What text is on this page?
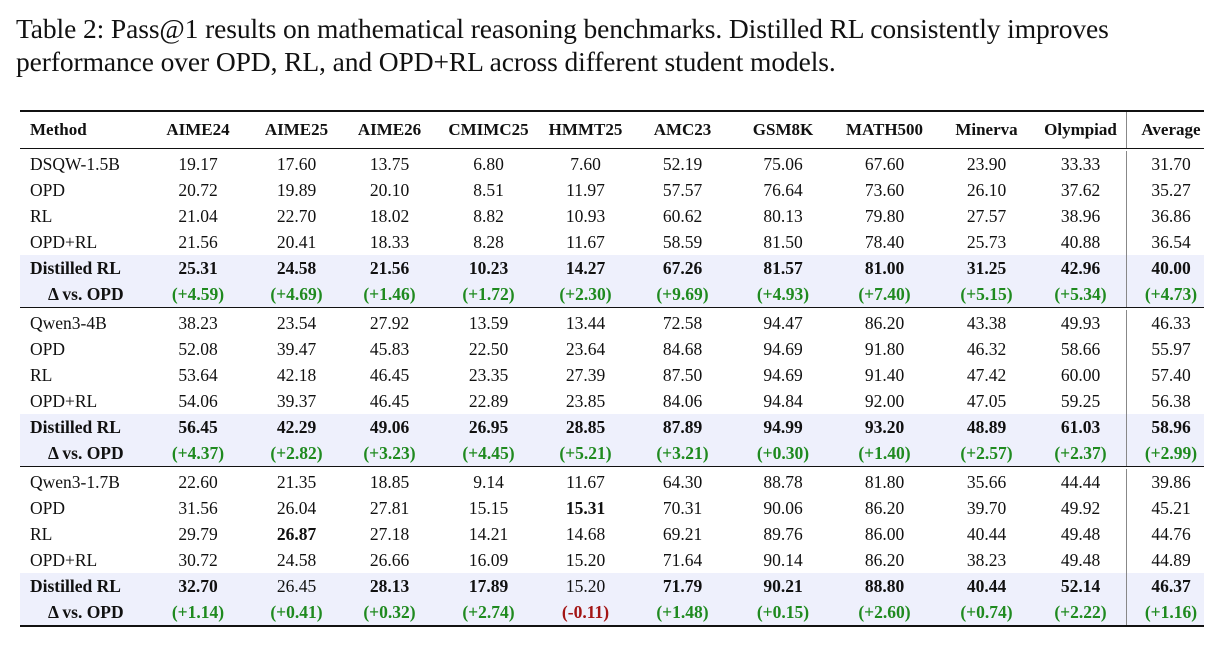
Table 2: Pass@1 results on mathematical reasoning benchmarks. Distilled RL consistently improves performance over OPD, RL, and OPD+RL across different student models.
Method	AIME24	AIME25	AIME26	CMIMC25	HMMT25	AMC23	GSM8K	MATH500	Minerva	Olympiad	Average
DSQW-1.5B	19.17	17.60	13.75	6.80	7.60	52.19	75.06	67.60	23.90	33.33	31.70
OPD	20.72	19.89	20.10	8.51	11.97	57.57	76.64	73.60	26.10	37.62	35.27
RL	21.04	22.70	18.02	8.82	10.93	60.62	80.13	79.80	27.57	38.96	36.86
OPD+RL	21.56	20.41	18.33	8.28	11.67	58.59	81.50	78.40	25.73	40.88	36.54
Distilled RL	25.31	24.58	21.56	10.23	14.27	67.26	81.57	81.00	31.25	42.96	40.00
Δ vs. OPD	(+4.59)	(+4.69)	(+1.46)	(+1.72)	(+2.30)	(+9.69)	(+4.93)	(+7.40)	(+5.15)	(+5.34)	(+4.73)
Qwen3-4B	38.23	23.54	27.92	13.59	13.44	72.58	94.47	86.20	43.38	49.93	46.33
OPD	52.08	39.47	45.83	22.50	23.64	84.68	94.69	91.80	46.32	58.66	55.97
RL	53.64	42.18	46.45	23.35	27.39	87.50	94.69	91.40	47.42	60.00	57.40
OPD+RL	54.06	39.37	46.45	22.89	23.85	84.06	94.84	92.00	47.05	59.25	56.38
Distilled RL	56.45	42.29	49.06	26.95	28.85	87.89	94.99	93.20	48.89	61.03	58.96
Δ vs. OPD	(+4.37)	(+2.82)	(+3.23)	(+4.45)	(+5.21)	(+3.21)	(+0.30)	(+1.40)	(+2.57)	(+2.37)	(+2.99)
Qwen3-1.7B	22.60	21.35	18.85	9.14	11.67	64.30	88.78	81.80	35.66	44.44	39.86
OPD	31.56	26.04	27.81	15.15	15.31	70.31	90.06	86.20	39.70	49.92	45.21
RL	29.79	26.87	27.18	14.21	14.68	69.21	89.76	86.00	40.44	49.48	44.76
OPD+RL	30.72	24.58	26.66	16.09	15.20	71.64	90.14	86.20	38.23	49.48	44.89
Distilled RL	32.70	26.45	28.13	17.89	15.20	71.79	90.21	88.80	40.44	52.14	46.37
Δ vs. OPD	(+1.14)	(+0.41)	(+0.32)	(+2.74)	(-0.11)	(+1.48)	(+0.15)	(+2.60)	(+0.74)	(+2.22)	(+1.16)
